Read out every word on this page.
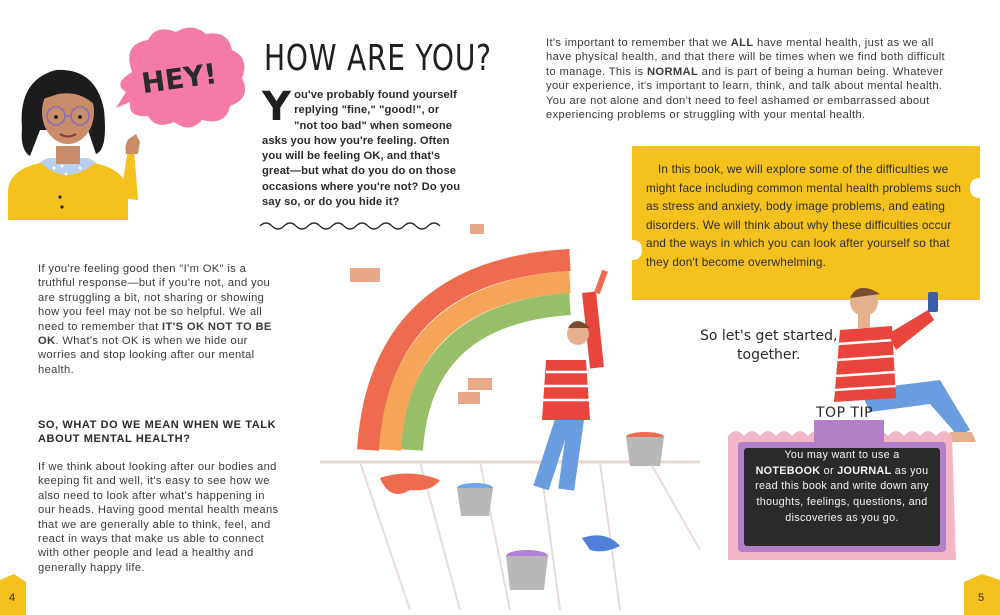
4	5
HEY! HOW ARE YOU?
You've probably found yourself replying "fine," "good!", or "not too bad" when someone asks you how you're feeling. Often you will be feeling OK, and that's great—but what do you do on those occasions where you're not? Do you say so, or do you hide it?
If you're feeling good then "I'm OK" is a truthful response—but if you're not, and you are struggling a bit, not sharing or showing how you feel may not be so helpful. We all need to remember that IT'S OK NOT TO BE OK. What's not OK is when we hide our worries and stop looking after our mental health.
SO, WHAT DO WE MEAN WHEN WE TALK ABOUT MENTAL HEALTH?
If we think about looking after our bodies and keeping fit and well, it's easy to see how we also need to look after what's happening in our heads. Having good mental health means that we are generally able to think, feel, and react in ways that make us able to connect with other people and lead a healthy and generally happy life.
It's important to remember that we ALL have mental health, just as we all have physical health, and that there will be times when we find both difficult to manage. This is NORMAL and is part of being a human being. Whatever your experience, it's important to learn, think, and talk about mental health. You are not alone and don't need to feel ashamed or embarrassed about experiencing problems or struggling with your mental health.
In this book, we will explore some of the difficulties we might face including common mental health problems such as stress and anxiety, body image problems, and eating disorders. We will think about why these difficulties occur and the ways in which you can look after yourself so that they don't become overwhelming.
So let's get started,
together.
TOP TIP
You may want to use a NOTEBOOK or JOURNAL as you read this book and write down any thoughts, feelings, questions, and discoveries as you go.
